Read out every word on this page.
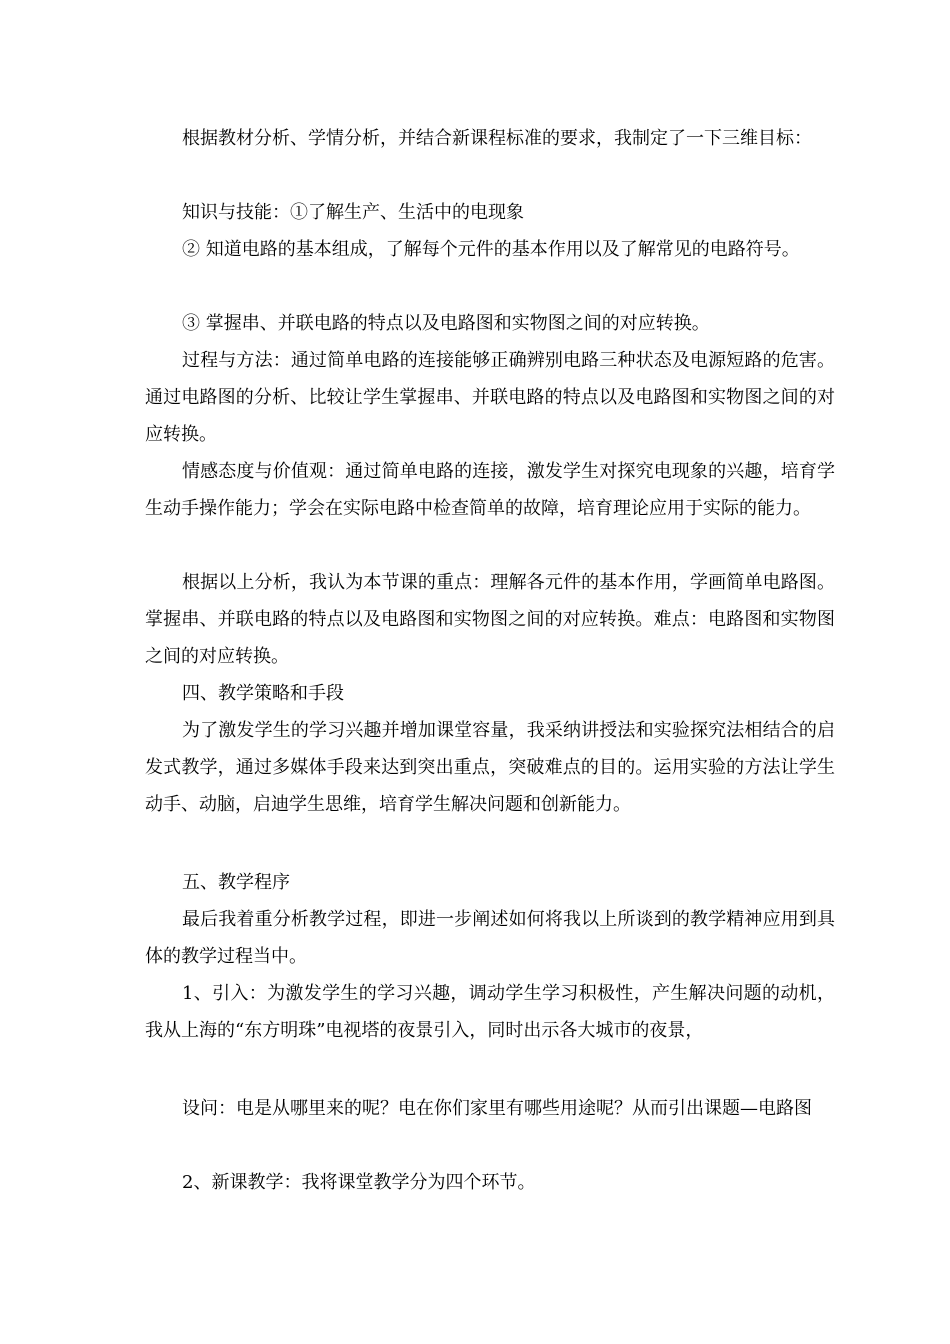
根据教材分析、学情分析，并结合新课程标准的要求，我制定了一下三维目标：

知识与技能：①了解生产、生活中的电现象

② 知道电路的基本组成，了解每个元件的基本作用以及了解常见的电路符号。

③ 掌握串、并联电路的特点以及电路图和实物图之间的对应转换。

过程与方法：通过简单电路的连接能够正确辨别电路三种状态及电源短路的危害。通过电路图的分析、比较让学生掌握串、并联电路的特点以及电路图和实物图之间的对应转换。

情感态度与价值观：通过简单电路的连接，激发学生对探究电现象的兴趣，培育学生动手操作能力；学会在实际电路中检查简单的故障，培育理论应用于实际的能力。

根据以上分析，我认为本节课的重点：理解各元件的基本作用，学画简单电路图。掌握串、并联电路的特点以及电路图和实物图之间的对应转换。难点：电路图和实物图之间的对应转换。

四、教学策略和手段

为了激发学生的学习兴趣并增加课堂容量，我采纳讲授法和实验探究法相结合的启发式教学，通过多媒体手段来达到突出重点，突破难点的目的。运用实验的方法让学生动手、动脑，启迪学生思维，培育学生解决问题和创新能力。

五、教学程序

最后我着重分析教学过程，即进一步阐述如何将我以上所谈到的教学精神应用到具体的教学过程当中。

1、引入：为激发学生的学习兴趣，调动学生学习积极性，产生解决问题的动机，我从上海的“东方明珠”电视塔的夜景引入，同时出示各大城市的夜景，

设问：电是从哪里来的呢？电在你们家里有哪些用途呢？从而引出课题—电路图

2、新课教学：我将课堂教学分为四个环节。
